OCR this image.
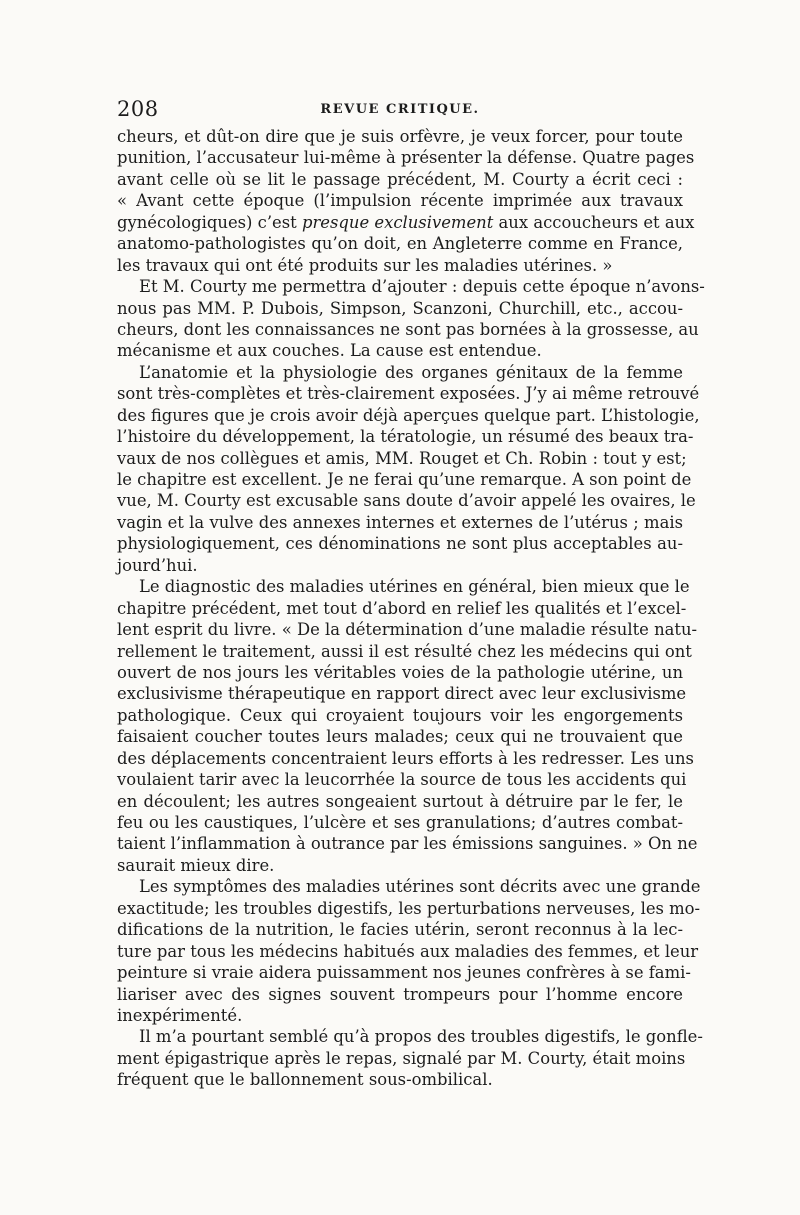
208	REVUE CRITIQUE.
cheurs, et dût-on dire que je suis orfèvre, je veux forcer, pour toute
punition, l’accusateur lui-même à présenter la défense. Quatre pages
avant celle où se lit le passage précédent, M. Courty a écrit ceci :
« Avant cette époque (l’impulsion récente imprimée aux travaux
gynécologiques) c’est presque exclusivement aux accoucheurs et aux
anatomo-pathologistes qu’on doit, en Angleterre comme en France,
les travaux qui ont été produits sur les maladies utérines. »
Et M. Courty me permettra d’ajouter : depuis cette époque n’avons-
nous pas MM. P. Dubois, Simpson, Scanzoni, Churchill, etc., accou-
cheurs, dont les connaissances ne sont pas bornées à la grossesse, au
mécanisme et aux couches. La cause est entendue.
L’anatomie et la physiologie des organes génitaux de la femme
sont très-complètes et très-clairement exposées. J’y ai même retrouvé
des figures que je crois avoir déjà aperçues quelque part. L’histologie,
l’histoire du développement, la tératologie, un résumé des beaux tra-
vaux de nos collègues et amis, MM. Rouget et Ch. Robin : tout y est;
le chapitre est excellent. Je ne ferai qu’une remarque. A son point de
vue, M. Courty est excusable sans doute d’avoir appelé les ovaires, le
vagin et la vulve des annexes internes et externes de l’utérus ; mais
physiologiquement, ces dénominations ne sont plus acceptables au-
jourd’hui.
Le diagnostic des maladies utérines en général, bien mieux que le
chapitre précédent, met tout d’abord en relief les qualités et l’excel-
lent esprit du livre. « De la détermination d’une maladie résulte natu-
rellement le traitement, aussi il est résulté chez les médecins qui ont
ouvert de nos jours les véritables voies de la pathologie utérine, un
exclusivisme thérapeutique en rapport direct avec leur exclusivisme
pathologique. Ceux qui croyaient toujours voir les engorgements
faisaient coucher toutes leurs malades; ceux qui ne trouvaient que
des déplacements concentraient leurs efforts à les redresser. Les uns
voulaient tarir avec la leucorrhée la source de tous les accidents qui
en découlent; les autres songeaient surtout à détruire par le fer, le
feu ou les caustiques, l’ulcère et ses granulations; d’autres combat-
taient l’inflammation à outrance par les émissions sanguines. » On ne
saurait mieux dire.
Les symptômes des maladies utérines sont décrits avec une grande
exactitude; les troubles digestifs, les perturbations nerveuses, les mo-
difications de la nutrition, le facies utérin, seront reconnus à la lec-
ture par tous les médecins habitués aux maladies des femmes, et leur
peinture si vraie aidera puissamment nos jeunes confrères à se fami-
liariser avec des signes souvent trompeurs pour l’homme encore
inexpérimenté.
Il m’a pourtant semblé qu’à propos des troubles digestifs, le gonfle-
ment épigastrique après le repas, signalé par M. Courty, était moins
fréquent que le ballonnement sous-ombilical.
